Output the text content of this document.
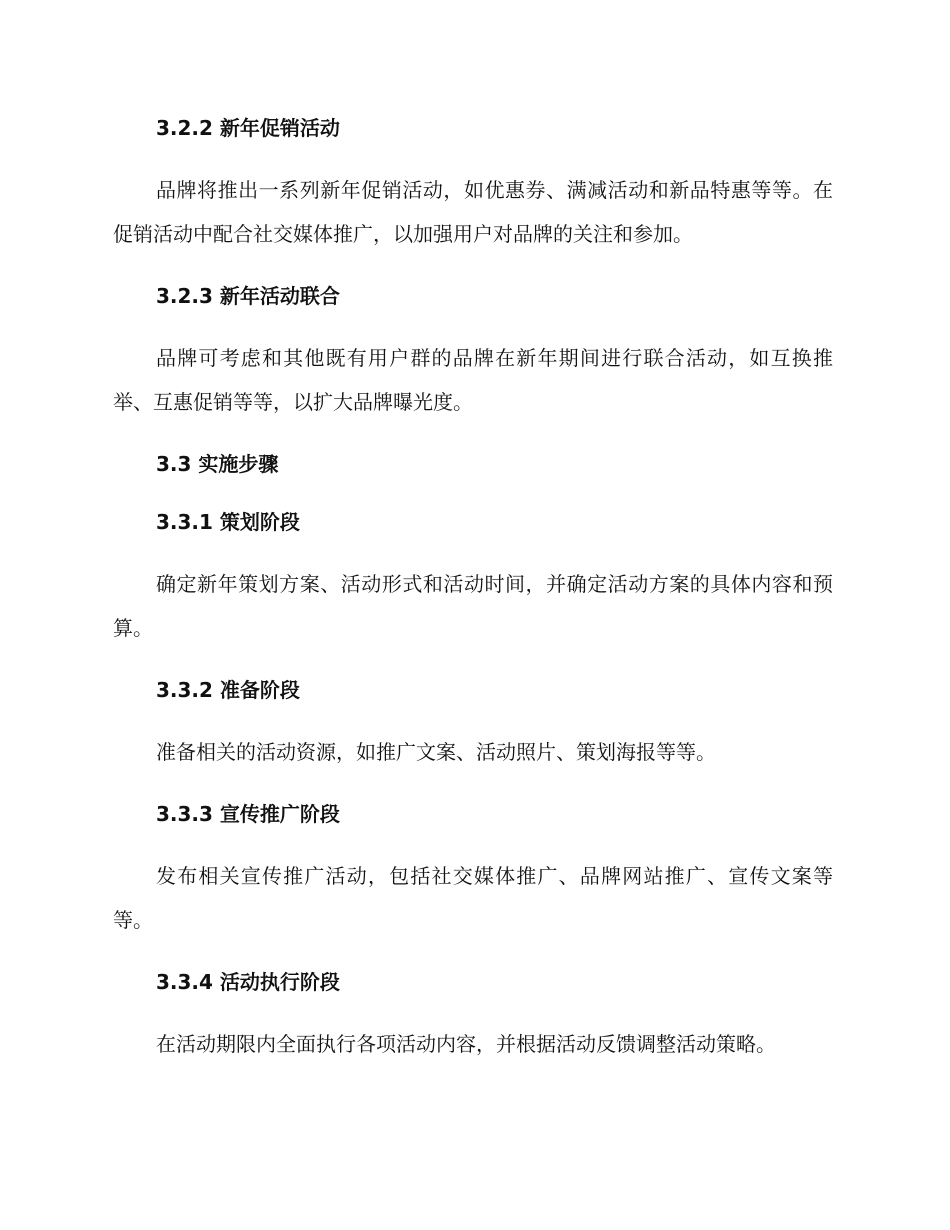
3.2.2 新年促销活动

品牌将推出一系列新年促销活动，如优惠券、满减活动和新品特惠等等。在促销活动中配合社交媒体推广，以加强用户对品牌的关注和参加。

3.2.3 新年活动联合

品牌可考虑和其他既有用户群的品牌在新年期间进行联合活动，如互换推举、互惠促销等等，以扩大品牌曝光度。

3.3 实施步骤
3.3.1 策划阶段

确定新年策划方案、活动形式和活动时间，并确定活动方案的具体内容和预算。

3.3.2 准备阶段

准备相关的活动资源，如推广文案、活动照片、策划海报等等。

3.3.3 宣传推广阶段

发布相关宣传推广活动，包括社交媒体推广、品牌网站推广、宣传文案等等。

3.3.4 活动执行阶段

在活动期限内全面执行各项活动内容，并根据活动反馈调整活动策略。
